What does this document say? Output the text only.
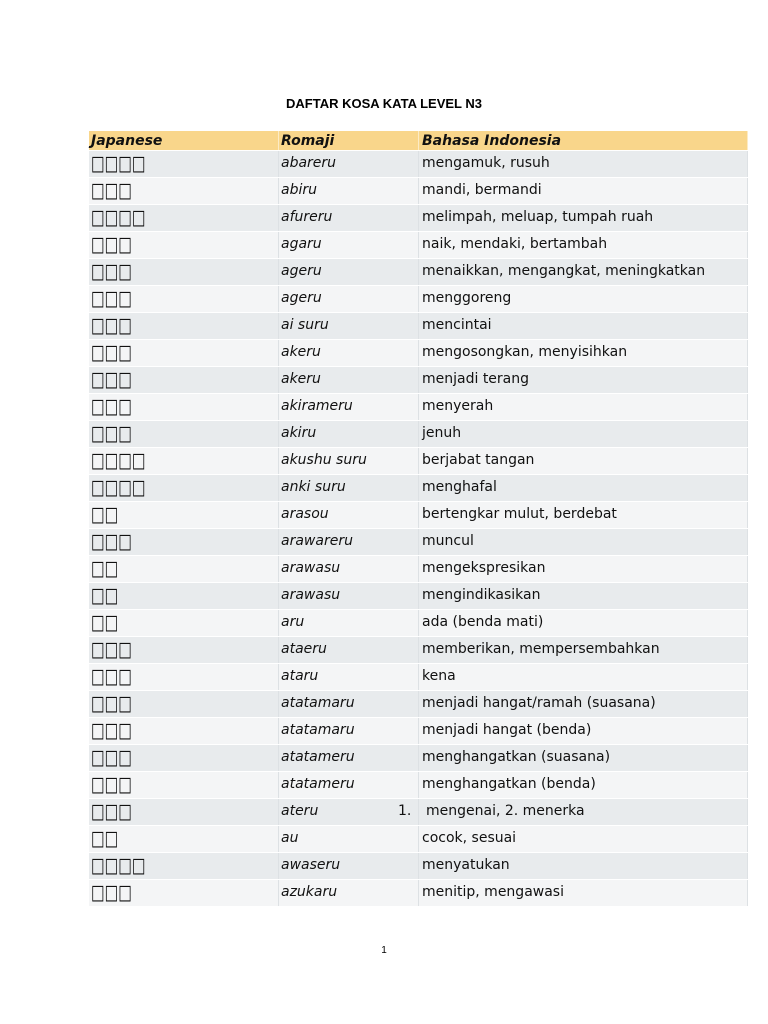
DAFTAR KOSA KATA LEVEL N3
Japanese	Romaji	Bahasa Indonesia
□□□□	abareru	mengamuk, rusuh
□□□	abiru	mandi, bermandi
□□□□	afureru	melimpah, meluap, tumpah ruah
□□□	agaru	naik, mendaki, bertambah
□□□	ageru	menaikkan, mengangkat, meningkatkan
□□□	ageru	menggoreng
□□□	ai suru	mencintai
□□□	akeru	mengosongkan, menyisihkan
□□□	akeru	menjadi terang
□□□	akirameru	menyerah
□□□	akiru	jenuh
□□□□	akushu suru	berjabat tangan
□□□□	anki suru	menghafal
□□	arasou	bertengkar mulut, berdebat
□□□	arawareru	muncul
□□	arawasu	mengekspresikan
□□	arawasu	mengindikasikan
□□	aru	ada (benda mati)
□□□	ataeru	memberikan, mempersembahkan
□□□	ataru	kena
□□□	atatamaru	menjadi hangat/ramah (suasana)
□□□	atatamaru	menjadi hangat (benda)
□□□	atatameru	menghangatkan (suasana)
□□□	atatameru	menghangatkan (benda)
□□□	ateru	1. mengenai, 2. menerka
□□	au	cocok, sesuai
□□□□	awaseru	menyatukan
□□□	azukaru	menitip, mengawasi
1
